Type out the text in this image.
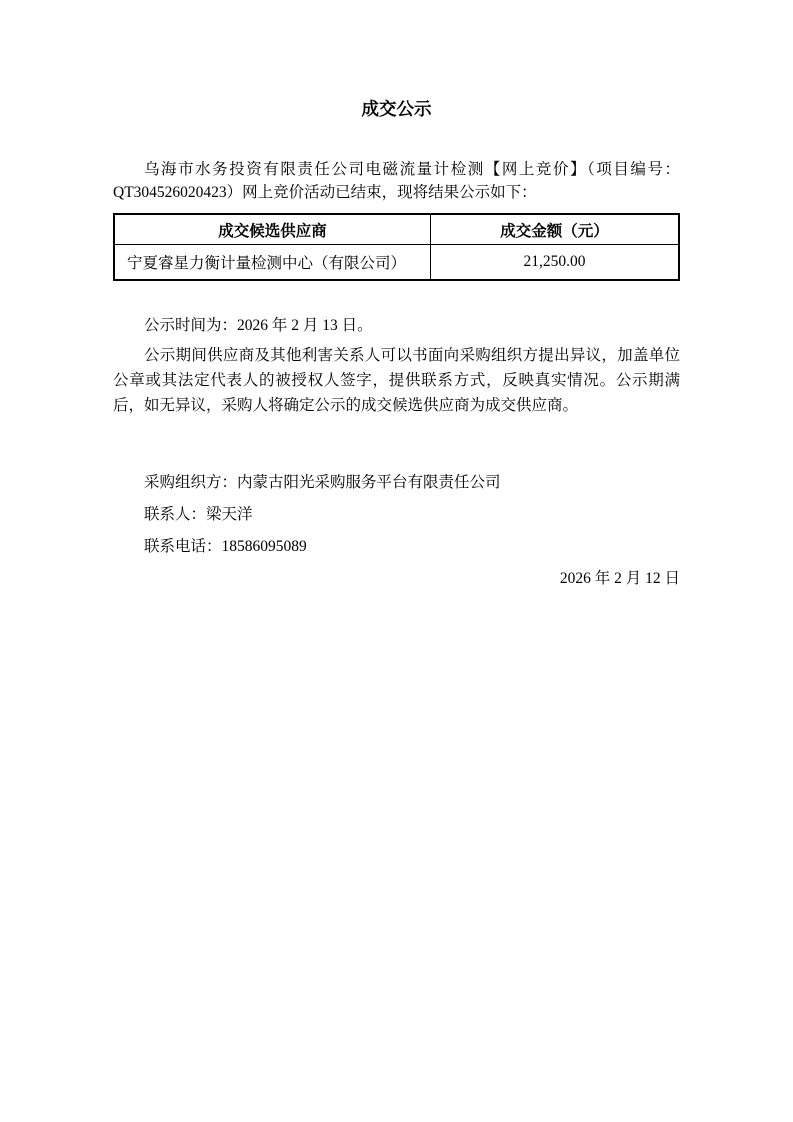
成交公示

乌海市水务投资有限责任公司电磁流量计检测【网上竞价】（项目编号：QT304526020423）网上竞价活动已结束，现将结果公示如下：

成交候选供应商	成交金额（元）
宁夏睿星力衡计量检测中心（有限公司）	21,250.00

公示时间为：2026 年 2 月 13 日。

公示期间供应商及其他利害关系人可以书面向采购组织方提出异议，加盖单位公章或其法定代表人的被授权人签字，提供联系方式，反映真实情况。公示期满后，如无异议，采购人将确定公示的成交候选供应商为成交供应商。

采购组织方：内蒙古阳光采购服务平台有限责任公司

联系人：梁天洋

联系电话：18586095089

2026 年 2 月 12 日
